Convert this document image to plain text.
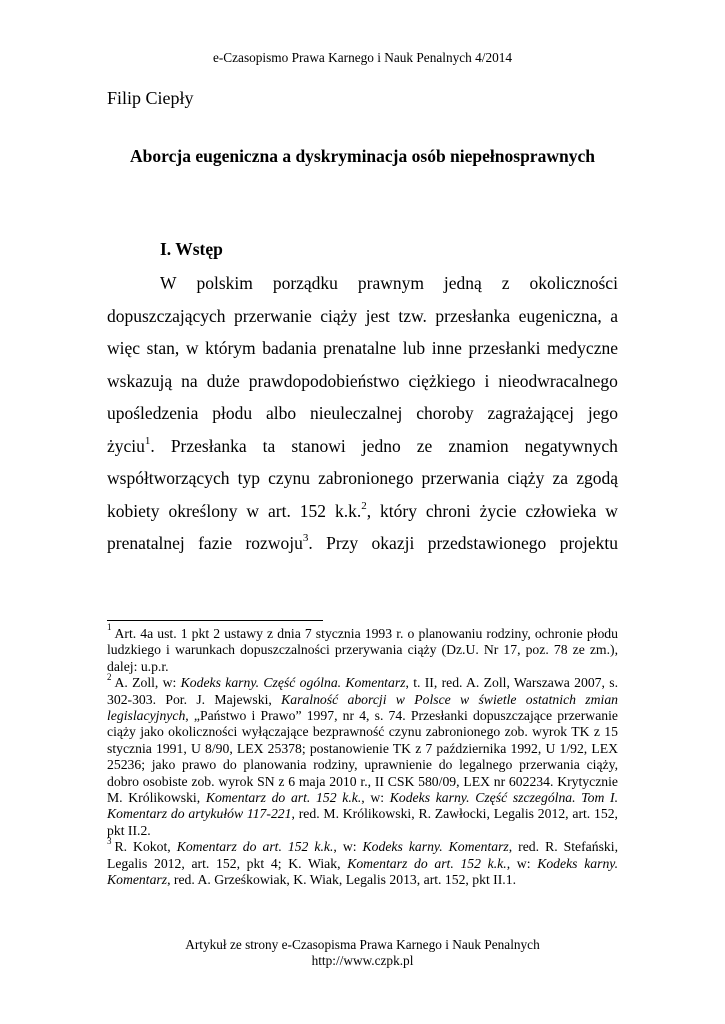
e-Czasopismo Prawa Karnego i Nauk Penalnych 4/2014
Filip Ciepły
Aborcja eugeniczna a dyskryminacja osób niepełnosprawnych
I. Wstęp
W polskim porządku prawnym jedną z okoliczności
dopuszczających przerwanie ciąży jest tzw. przesłanka eugeniczna, a
więc stan, w którym badania prenatalne lub inne przesłanki medyczne
wskazują na duże prawdopodobieństwo ciężkiego i nieodwracalnego
upośledzenia płodu albo nieuleczalnej choroby zagrażającej jego
życiu$^1$. Przesłanka ta stanowi jedno ze znamion negatywnych
współtworzących typ czynu zabronionego przerwania ciąży za zgodą
kobiety określony w art. 152 k.k.$^2$, który chroni życie człowieka w
prenatalnej fazie rozwoju$^3$. Przy okazji przedstawionego projektu

$^1$ Art. 4a ust. 1 pkt 2 ustawy z dnia 7 stycznia 1993 r. o planowaniu rodziny, ochronie płodu ludzkiego i warunkach dopuszczalności przerywania ciąży (Dz.U. Nr 17, poz. 78 ze zm.), dalej: u.p.r.

$^2$ A. Zoll, w: Kodeks karny. Część ogólna. Komentarz, t. II, red. A. Zoll, Warszawa 2007, s. 302-303. Por. J. Majewski, Karalność aborcji w Polsce w świetle ostatnich zmian legislacyjnych, „Państwo i Prawo” 1997, nr 4, s. 74. Przesłanki dopuszczające przerwanie ciąży jako okoliczności wyłączające bezprawność czynu zabronionego zob. wyrok TK z 15 stycznia 1991, U 8/90, LEX 25378; postanowienie TK z 7 października 1992, U 1/92, LEX 25236; jako prawo do planowania rodziny, uprawnienie do legalnego przerwania ciąży, dobro osobiste zob. wyrok SN z 6 maja 2010 r., II CSK 580/09, LEX nr 602234. Krytycznie M. Królikowski, Komentarz do art. 152 k.k., w: Kodeks karny. Część szczególna. Tom I. Komentarz do artykułów 117-221, red. M. Królikowski, R. Zawłocki, Legalis 2012, art. 152, pkt II.2.

$^3$ R. Kokot, Komentarz do art. 152 k.k., w: Kodeks karny. Komentarz, red. R. Stefański, Legalis 2012, art. 152, pkt 4; K. Wiak, Komentarz do art. 152 k.k., w: Kodeks karny. Komentarz, red. A. Grześkowiak, K. Wiak, Legalis 2013, art. 152, pkt II.1.

Artykuł ze strony e-Czasopisma Prawa Karnego i Nauk Penalnych
http://www.czpk.pl
